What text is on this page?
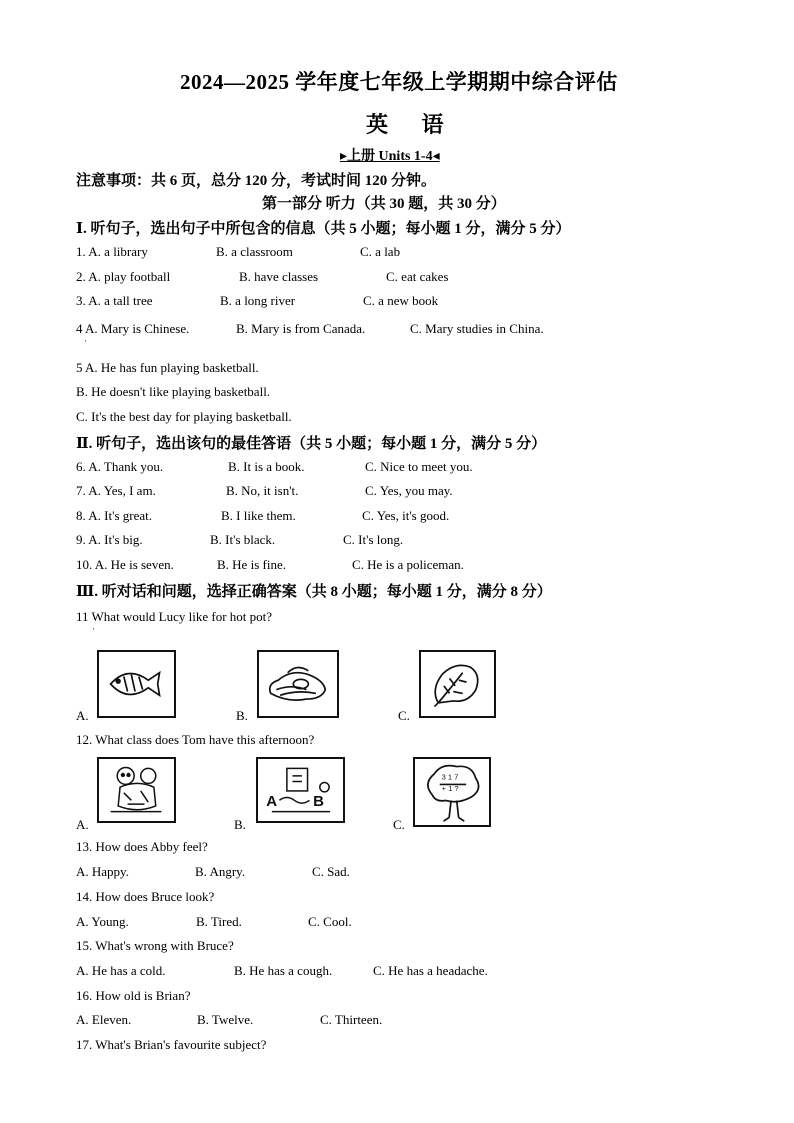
2024—2025 学年度七年级上学期期中综合评估
英 语
▸上册 Units 1-4◂
注意事项：共 6 页，总分 120 分，考试时间 120 分钟。
第一部分 听力（共 30 题，共 30 分）
Ⅰ. 听句子，选出句子中所包含的信息（共 5 小题；每小题 1 分，满分 5 分）
1. A. a library	B. a classroom	C. a lab
2. A. play football	B. have classes	C. eat cakes
3. A. a tall tree	B. a long river	C. a new book
4 A. Mary is Chinese.	B. Mary is from Canada.	C. Mary studies in China.
·
5 A. He has fun playing basketball.
B. He doesn't like playing basketball.
C. It's the best day for playing basketball.
Ⅱ. 听句子，选出该句的最佳答语（共 5 小题；每小题 1 分，满分 5 分）
6. A. Thank you.	B. It is a book.	C. Nice to meet you.
7. A. Yes, I am.	B. No, it isn't.	C. Yes, you may.
8. A. It's great.	B. I like them.	C. Yes, it's good.
9. A. It's big.	B. It's black.	C. It's long.
10. A. He is seven.	B. He is fine.	C. He is a policeman.
Ⅲ. 听对话和问题，选择正确答案（共 8 小题；每小题 1 分，满分 8 分）
11 What would Lucy like for hot pot?
·
A.	B.	C.
12. What class does Tom have this afternoon?
A.	B.
A B
C.
3 1 7
+ 1 ?
13. How does Abby feel?
A. Happy.	B. Angry.	C. Sad.
14. How does Bruce look?
A. Young.	B. Tired.	C. Cool.
15. What's wrong with Bruce?
A. He has a cold.	B. He has a cough.	C. He has a headache.
16. How old is Brian?
A. Eleven.	B. Twelve.	C. Thirteen.
17. What's Brian's favourite subject?
